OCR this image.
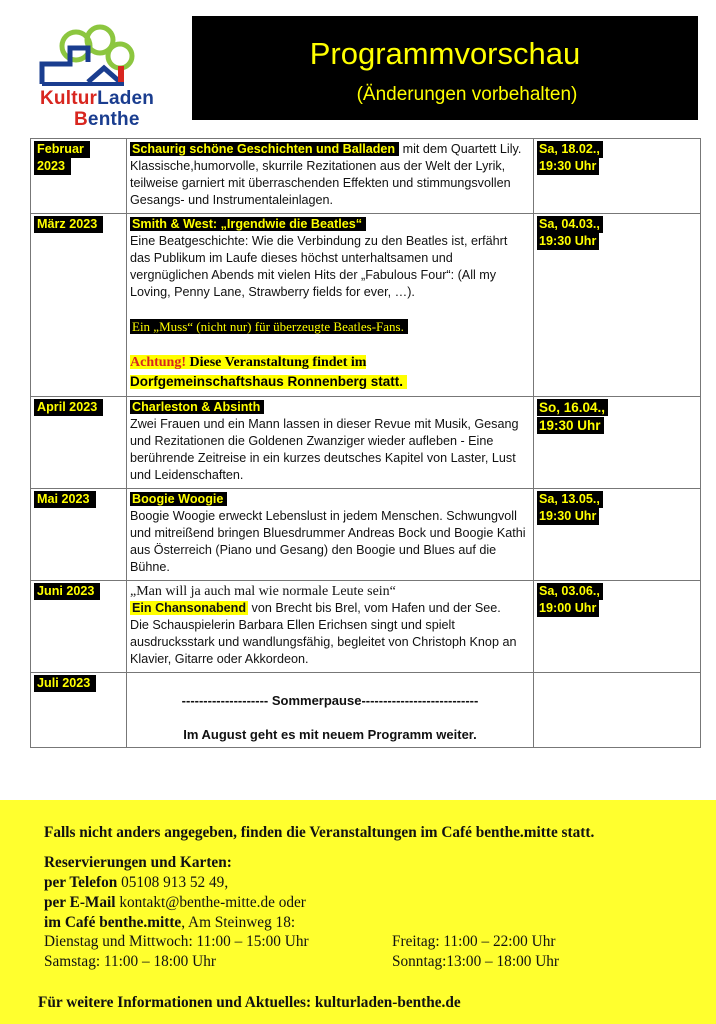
KulturLaden
Benthe
Programmvorschau
(Änderungen vorbehalten)
Februar
2023	Schaurig schöne Geschichten und Balladen mit dem Quartett Lily. Klassische,humorvolle, skurrile Rezitationen aus der Welt der Lyrik, teilweise garniert mit überraschenden Effekten und stimmungsvollen Gesangs- und Instrumentaleinlagen.	Sa, 18.02.,
19:30 Uhr
März 2023	Smith & West: „Irgendwie die Beatles“
Eine Beatgeschichte: Wie die Verbindung zu den Beatles ist, erfährt das Publikum im Laufe dieses höchst unterhaltsamen und vergnüglichen Abends mit vielen Hits der „Fabulous Four“: (All my Loving, Penny Lane, Strawberry fields for ever, …).
Ein „Muss“ (nicht nur) für überzeugte Beatles-Fans.
Achtung! Diese Veranstaltung findet im
Dorfgemeinschaftshaus Ronnenberg statt.	Sa, 04.03.,
19:30 Uhr
April 2023	Charleston & Absinth
Zwei Frauen und ein Mann lassen in dieser Revue mit Musik, Gesang und Rezitationen die Goldenen Zwanziger wieder aufleben - Eine berührende Zeitreise in ein kurzes deutsches Kapitel von Laster, Lust und Leidenschaften.	So, 16.04.,
19:30 Uhr
Mai 2023	Boogie Woogie
Boogie Woogie erweckt Lebenslust in jedem Menschen. Schwungvoll und mitreißend bringen Bluesdrummer Andreas Bock und Boogie Kathi aus Österreich (Piano und Gesang) den Boogie und Blues auf die Bühne.	Sa, 13.05.,
19:30 Uhr
Juni 2023	„Man will ja auch mal wie normale Leute sein“
Ein Chansonabend von Brecht bis Brel, vom Hafen und der See.
Die Schauspielerin Barbara Ellen Erichsen singt und spielt ausdrucksstark und wandlungsfähig, begleitet von Christoph Knop an Klavier, Gitarre oder Akkordeon.	Sa, 03.06.,
19:00 Uhr
Juli 2023	-------------------- Sommerpause---------------------------
Im August geht es mit neuem Programm weiter.	

Falls nicht anders angegeben, finden die Veranstaltungen im Café benthe.mitte statt.
Reservierungen und Karten:
per Telefon 05108 913 52 49,
per E-Mail kontakt@benthe-mitte.de oder
im Café benthe.mitte, Am Steinweg 18:
Dienstag und Mittwoch: 11:00 – 15:00 Uhr	Freitag: 11:00 – 22:00 Uhr
Samstag: 11:00 – 18:00 Uhr	Sonntag:13:00 – 18:00 Uhr
Für weitere Informationen und Aktuelles: kulturladen-benthe.de
